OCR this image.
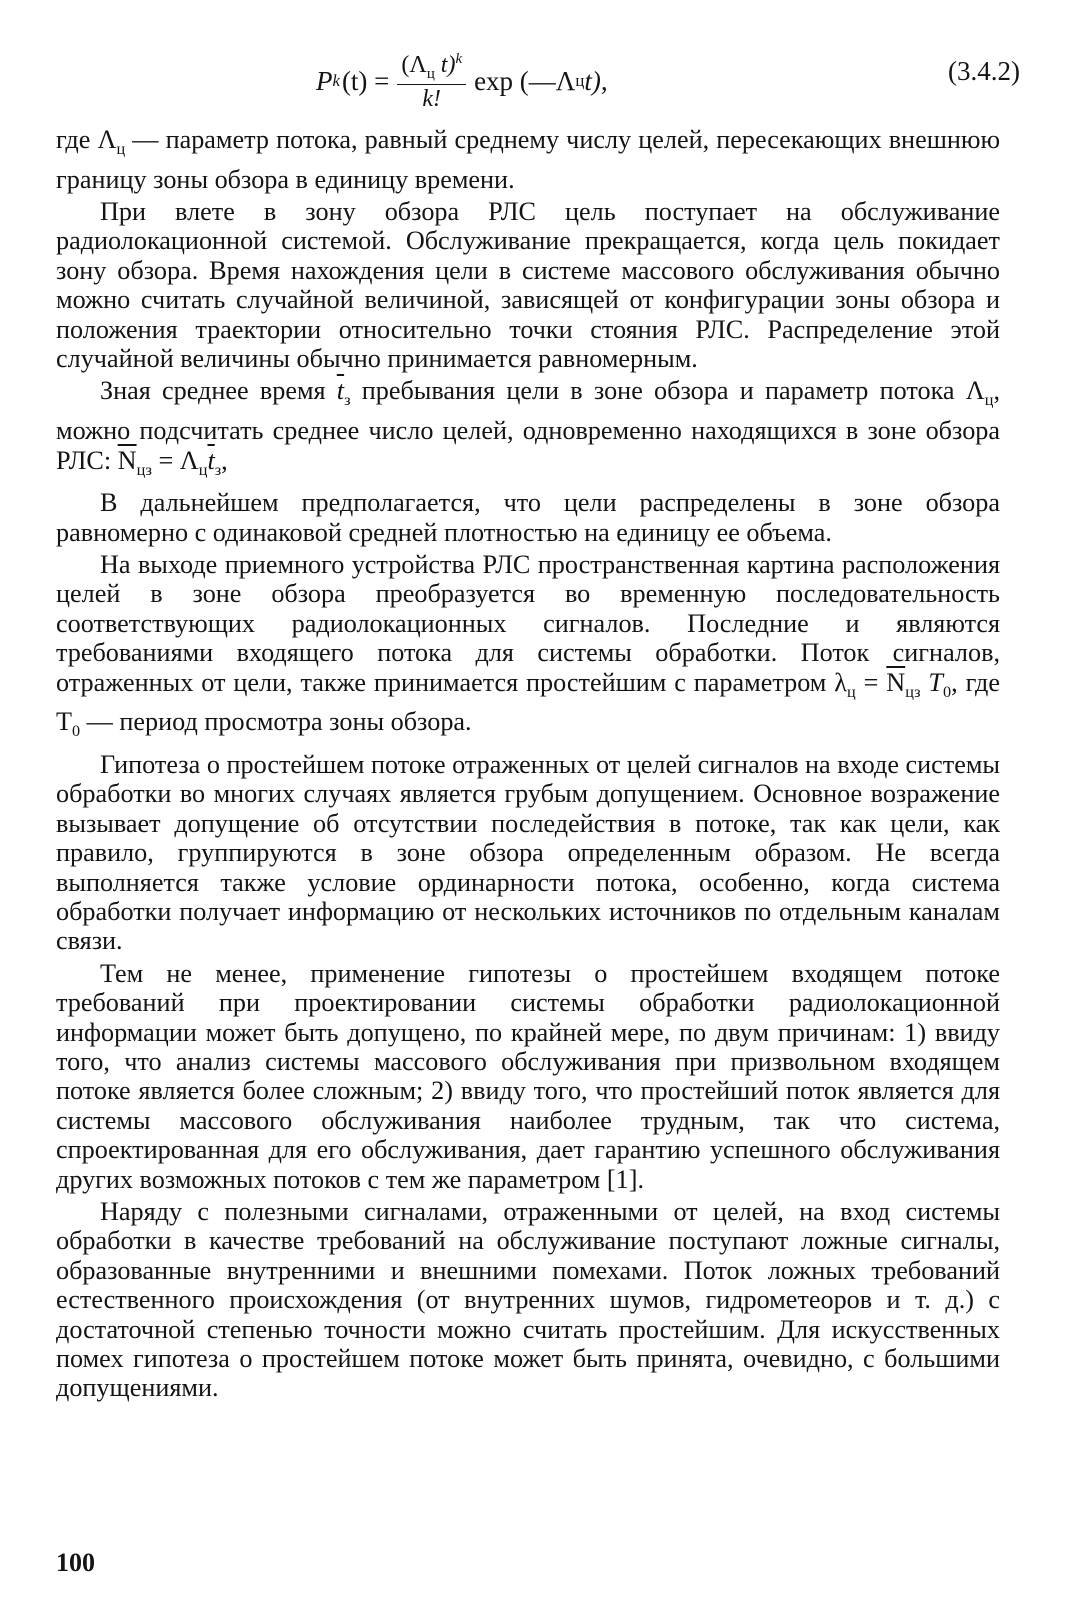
P k $(t) = \frac{(\Lambda_ц t)^k}{k!}$ exp (—Λ ц t),	(3.4.2)

где $\Lambda_ц$ — параметр потока, равный среднему числу целей, пересекающих внешнюю границу зоны обзора в единицу времени.

При влете в зону обзора РЛС цель поступает на обслуживание радиолокационной системой. Обслуживание прекращается, когда цель покидает зону обзора. Время нахождения цели в системе массового обслуживания обычно можно считать случайной величиной, зависящей от конфигурации зоны обзора и положения траектории относительно точки стояния РЛС. Распределение этой случайной величины обычно принимается равномерным.

Зная среднее время $\overline{t}_з$ пребывания цели в зоне обзора и параметр потока $\Lambda_ц$, можно подсчитать среднее число целей, одновременно находящихся в зоне обзора РЛС: $\overline{N}_{цз} = \Lambda_ц\overline{t}_з$,

В дальнейшем предполагается, что цели распределены в зоне обзора равномерно с одинаковой средней плотностью на единицу ее объема.

На выходе приемного устройства РЛС пространственная картина расположения целей в зоне обзора преобразуется во временную последовательность соответствующих радиолокационных сигналов. Последние и являются требованиями входящего потока для системы обработки. Поток сигналов, отраженных от цели, также принимается простейшим с параметром $\lambda_ц = \overline{N}_{цз}$ $T_0$, где $T_0$ — период просмотра зоны обзора.

Гипотеза о простейшем потоке отраженных от целей сигналов на входе системы обработки во многих случаях является грубым допущением. Основное возражение вызывает допущение об отсутствии последействия в потоке, так как цели, как правило, группируются в зоне обзора определенным образом. Не всегда выполняется также условие ординарности потока, особенно, когда система обработки получает информацию от нескольких источников по отдельным каналам связи.

Тем не менее, применение гипотезы о простейшем входящем потоке требований при проектировании системы обработки радиолокационной информации может быть допущено, по крайней мере, по двум причинам: 1) ввиду того, что анализ системы массового обслуживания при призвольном входящем потоке является более сложным; 2) ввиду того, что простейший поток является для системы массового обслуживания наиболее трудным, так что система, спроектированная для его обслуживания, дает гарантию успешного обслуживания других возможных потоков с тем же параметром [1].

Наряду с полезными сигналами, отраженными от целей, на вход системы обработки в качестве требований на обслуживание поступают ложные сигналы, образованные внутренними и внешними помехами. Поток ложных требований естественного происхождения (от внутренних шумов, гидрометеоров и т. д.) с достаточной степенью точности можно считать простейшим. Для искусственных помех гипотеза о простейшем потоке может быть принята, очевидно, с большими допущениями.

100
